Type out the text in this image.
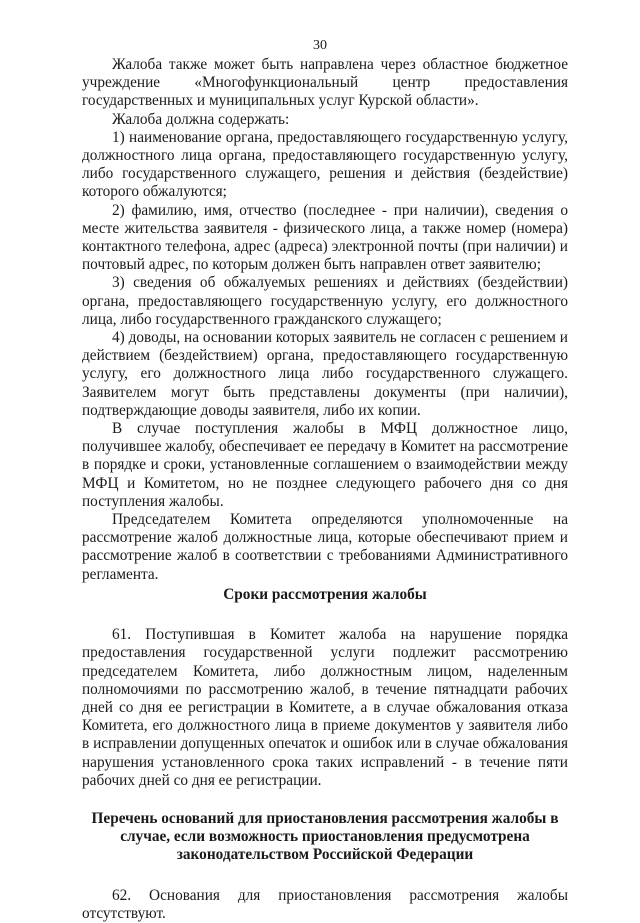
30

Жалоба также может быть направлена через областное бюджетное учреждение «Многофункциональный центр предоставления государственных и муниципальных услуг Курской области».

Жалоба должна содержать:

1) наименование органа, предоставляющего государственную услугу, должностного лица органа, предоставляющего государственную услугу, либо государственного служащего, решения и действия (бездействие) которого обжалуются;

2) фамилию, имя, отчество (последнее - при наличии), сведения о месте жительства заявителя - физического лица, а также номер (номера) контактного телефона, адрес (адреса) электронной почты (при наличии) и почтовый адрес, по которым должен быть направлен ответ заявителю;

3) сведения об обжалуемых решениях и действиях (бездействии) органа, предоставляющего государственную услугу, его должностного лица, либо государственного гражданского служащего;

4) доводы, на основании которых заявитель не согласен с решением и действием (бездействием) органа, предоставляющего государственную услугу, его должностного лица либо государственного служащего. Заявителем могут быть представлены документы (при наличии), подтверждающие доводы заявителя, либо их копии.

В случае поступления жалобы в МФЦ должностное лицо, получившее жалобу, обеспечивает ее передачу в Комитет на рассмотрение в порядке и сроки, установленные соглашением о взаимодействии между МФЦ и Комитетом, но не позднее следующего рабочего дня со дня поступления жалобы.

Председателем Комитета определяются уполномоченные на рассмотрение жалоб должностные лица, которые обеспечивают прием и рассмотрение жалоб в соответствии с требованиями Административного регламента.

Сроки рассмотрения жалобы

61. Поступившая в Комитет жалоба на нарушение порядка предоставления государственной услуги подлежит рассмотрению председателем Комитета, либо должностным лицом, наделенным полномочиями по рассмотрению жалоб, в течение пятнадцати рабочих дней со дня ее регистрации в Комитете, а в случае обжалования отказа Комитета, его должностного лица в приеме документов у заявителя либо в исправлении допущенных опечаток и ошибок или в случае обжалования нарушения установленного срока таких исправлений - в течение пяти рабочих дней со дня ее регистрации.

Перечень оснований для приостановления рассмотрения жалобы в случае, если возможность приостановления предусмотрена законодательством Российской Федерации

62. Основания для приостановления рассмотрения жалобы отсутствуют.
